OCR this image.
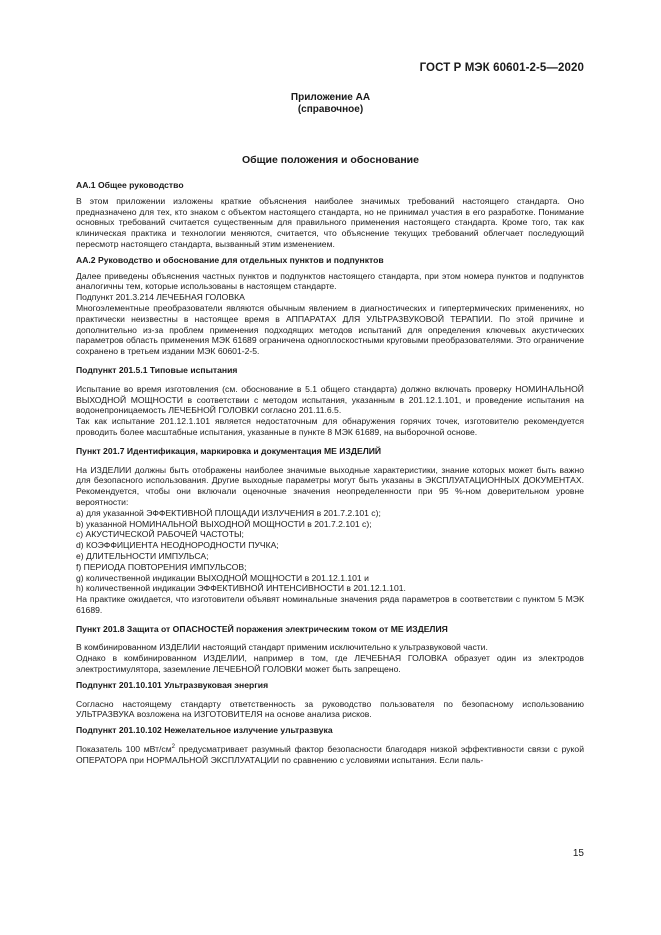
ГОСТ Р МЭК 60601-2-5—2020
Приложение АА
(справочное)
Общие положения и обоснование

АА.1 Общее руководство

В этом приложении изложены краткие объяснения наиболее значимых требований настоящего стандарта. Оно предназначено для тех, кто знаком с объектом настоящего стандарта, но не принимал участия в его разработке. Понимание основных требований считается существенным для правильного применения настоящего стандарта. Кроме того, так как клиническая практика и технологии меняются, считается, что объяснение текущих требований облегчает последующий пересмотр настоящего стандарта, вызванный этим изменением.

АА.2 Руководство и обоснование для отдельных пунктов и подпунктов

Далее приведены объяснения частных пунктов и подпунктов настоящего стандарта, при этом номера пунктов и подпунктов аналогичны тем, которые использованы в настоящем стандарте.

Подпункт 201.3.214 ЛЕЧЕБНАЯ ГОЛОВКА

Многоэлементные преобразователи являются обычным явлением в диагностических и гипертермических применениях, но практически неизвестны в настоящее время в АППАРАТАХ ДЛЯ УЛЬТРАЗВУКОВОЙ ТЕРАПИИ. По этой причине и дополнительно из-за проблем применения подходящих методов испытаний для определения ключевых акустических параметров область применения МЭК 61689 ограничена одноплоскостными круговыми преобразователями. Это ограничение сохранено в третьем издании МЭК 60601-2-5.

Подпункт 201.5.1 Типовые испытания

Испытание во время изготовления (см. обоснование в 5.1 общего стандарта) должно включать проверку НОМИНАЛЬНОЙ ВЫХОДНОЙ МОЩНОСТИ в соответствии с методом испытания, указанным в 201.12.1.101, и проведение испытания на водонепроницаемость ЛЕЧЕБНОЙ ГОЛОВКИ согласно 201.11.6.5.

Так как испытание 201.12.1.101 является недостаточным для обнаружения горячих точек, изготовителю рекомендуется проводить более масштабные испытания, указанные в пункте 8 МЭК 61689, на выборочной основе.

Пункт 201.7 Идентификация, маркировка и документация МЕ ИЗДЕЛИЙ

На ИЗДЕЛИИ должны быть отображены наиболее значимые выходные характеристики, знание которых может быть важно для безопасного использования. Другие выходные параметры могут быть указаны в ЭКСПЛУАТАЦИОННЫХ ДОКУМЕНТАХ. Рекомендуется, чтобы они включали оценочные значения неопределенности при 95 %-ном доверительном уровне вероятности:

a) для указанной ЭФФЕКТИВНОЙ ПЛОЩАДИ ИЗЛУЧЕНИЯ в 201.7.2.101 с);
b) указанной НОМИНАЛЬНОЙ ВЫХОДНОЙ МОЩНОСТИ в 201.7.2.101 с);
c) АКУСТИЧЕСКОЙ РАБОЧЕЙ ЧАСТОТЫ;
d) КОЭФФИЦИЕНТА НЕОДНОРОДНОСТИ ПУЧКА;
e) ДЛИТЕЛЬНОСТИ ИМПУЛЬСА;
f) ПЕРИОДА ПОВТОРЕНИЯ ИМПУЛЬСОВ;
g) количественной индикации ВЫХОДНОЙ МОЩНОСТИ в 201.12.1.101 и
h) количественной индикации ЭФФЕКТИВНОЙ ИНТЕНСИВНОСТИ в 201.12.1.101.

На практике ожидается, что изготовители объявят номинальные значения ряда параметров в соответствии с пунктом 5 МЭК 61689.

Пункт 201.8 Защита от ОПАСНОСТЕЙ поражения электрическим током от МЕ ИЗДЕЛИЯ

В комбинированном ИЗДЕЛИИ настоящий стандарт применим исключительно к ультразвуковой части.

Однако в комбинированном ИЗДЕЛИИ, например в том, где ЛЕЧЕБНАЯ ГОЛОВКА образует один из электродов электростимулятора, заземление ЛЕЧЕБНОЙ ГОЛОВКИ может быть запрещено.

Подпункт 201.10.101 Ультразвуковая энергия

Согласно настоящему стандарту ответственность за руководство пользователя по безопасному использованию УЛЬТРАЗВУКА возложена на ИЗГОТОВИТЕЛЯ на основе анализа рисков.

Подпункт 201.10.102 Нежелательное излучение ультразвука

Показатель 100 мВт/$см^2$ предусматривает разумный фактор безопасности благодаря низкой эффективности связи с рукой ОПЕРАТОРА при НОРМАЛЬНОЙ ЭКСПЛУАТАЦИИ по сравнению с условиями испытания. Если паль-

15
